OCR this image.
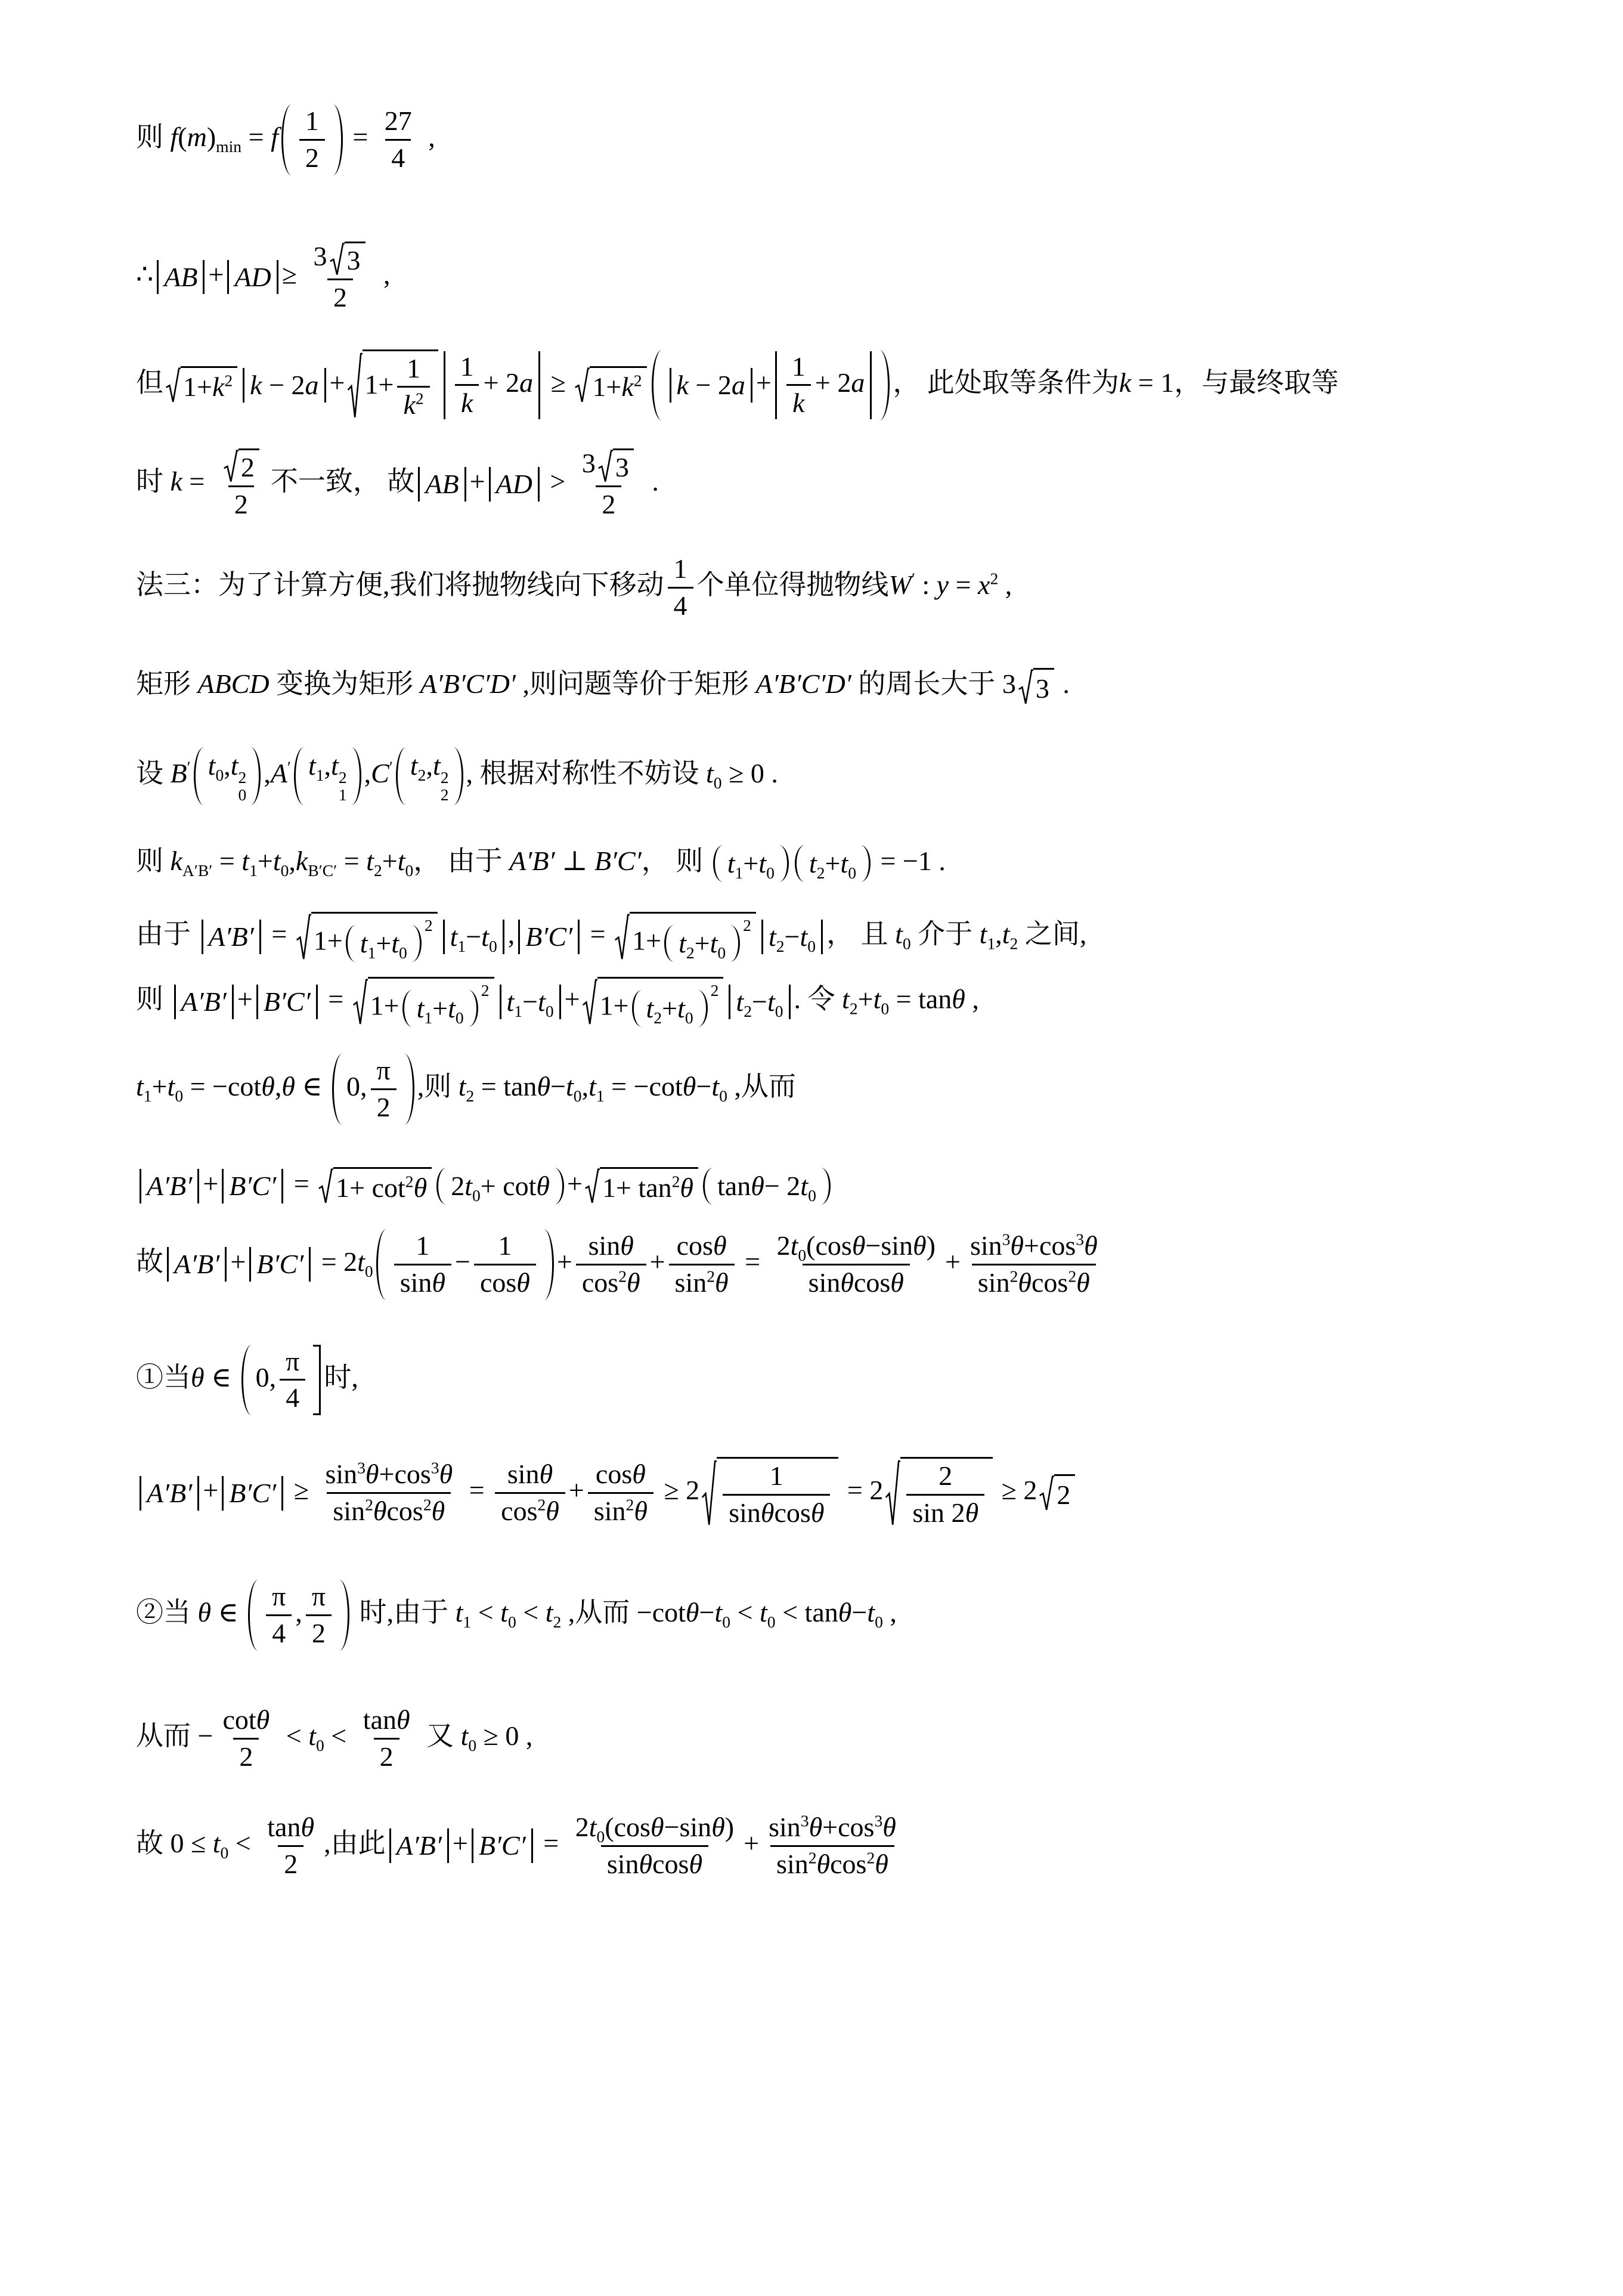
则 $f(m)_{min} = f \frac{1}{2} = \frac{27}{4}$ ,
∴ AB + AD ≥ $\frac{3 3}{2}$ ,
但 $1+k^2$ $k - 2a + 1+ \frac{1}{k^2} \frac{1}{k} + 2a \ge 1+k^2$ $k - 2a + \frac{1}{k} + 2a$ ， 此处取等条件为k = 1，与最终取等
时 $k = \frac{2}{2}$ 不一致， 故 AB + AD > $\frac{3 3}{2}$ .
法三：为了计算方便,我们将抛物线向下移动 $\frac{1}{4}$ 个单位得抛物线W′ : $y = x^2$ ,
矩形 ABCD 变换为矩形 A′B′C′D′ ,则问题等价于矩形 A′B′C′D′ 的周长大于 3 3 .
设 B′ $t_0,t$ 2
0
,A′ $t_1,t$ 2
1
,C′ $t_2,t$ 2
2
, 根据对称性不妨设 $t_0 \ge 0$ .
则 $k_{A'B'} = t_1+t_0,k_{B'C'} = t_2+t_0$， 由于 A′B′ ⊥ B′C′， 则 $t_1+t_0$ $t_2+t_0 = -1$ .
由于 $A'B' = 1+ t_1+t_0$
$^2$ $t_1-t_0$ , $B'C' = 1+ t_2+t_0$
$^2$ $t_2-t_0$ ， 且 $t_0$ 介于 $t_1,t_2$ 之间,
则 $A'B' + B'C' = 1+ t_1+t_0$
$^2$ $t_1-t_0 + 1+ t_2+t_0$
$^2$ $t_2-t_0$ . 令 $t_2+t_0 = \tan\theta$ ,
$t_1+t_0 = -\cot\theta,\theta$ ∈ 0, $\frac{\pi}{2}$ ,则 $t_2 = \tan\theta-t_0,t_1 = -\cot\theta-t_0$ ,从而
$A'B' + B'C' = 1+ \cot^2\theta$ $2t_0+ \cot\theta + 1+ \tan^2\theta$ $\tan\theta- 2t_0$
故 $A'B' + B'C' = 2t_0 \frac{1}{\sin\theta} - \frac{1}{\cos\theta} + \frac{\sin\theta}{\cos^2\theta} + \frac{\cos\theta}{\sin^2\theta} = \frac{2t_0(\cos\theta-\sin\theta)}{\sin\theta\cos\theta} + \frac{\sin^3\theta+\cos^3\theta}{\sin^2\theta\cos^2\theta}$
①当θ ∈ 0, $\frac{\pi}{4}$ 时,
$A'B' + B'C' \ge \frac{\sin^3\theta+\cos^3\theta}{\sin^2\theta\cos^2\theta} = \frac{\sin\theta}{\cos^2\theta} + \frac{\cos\theta}{\sin^2\theta} \ge 2 \frac{1}{\sin\theta\cos\theta} = 2 \frac{2}{\sin 2\theta} \ge 2$ 2
②当 θ ∈ $\frac{\pi}{4}$ , $\frac{\pi}{2}$ 时,由于 $t_1 < t_0 < t_2$ ,从而 $-\cot\theta-t_0 < t_0 < \tan\theta-t_0$ ,
从而 − $\frac{\cot\theta}{2} < t_0 < \frac{\tan\theta}{2}$ 又 $t_0 \ge 0$ ,
故 $0 \le t_0 < \frac{\tan\theta}{2}$ ,由此 $A'B' + B'C' = \frac{2t_0(\cos\theta-\sin\theta)}{\sin\theta\cos\theta} + \frac{\sin^3\theta+\cos^3\theta}{\sin^2\theta\cos^2\theta}$
